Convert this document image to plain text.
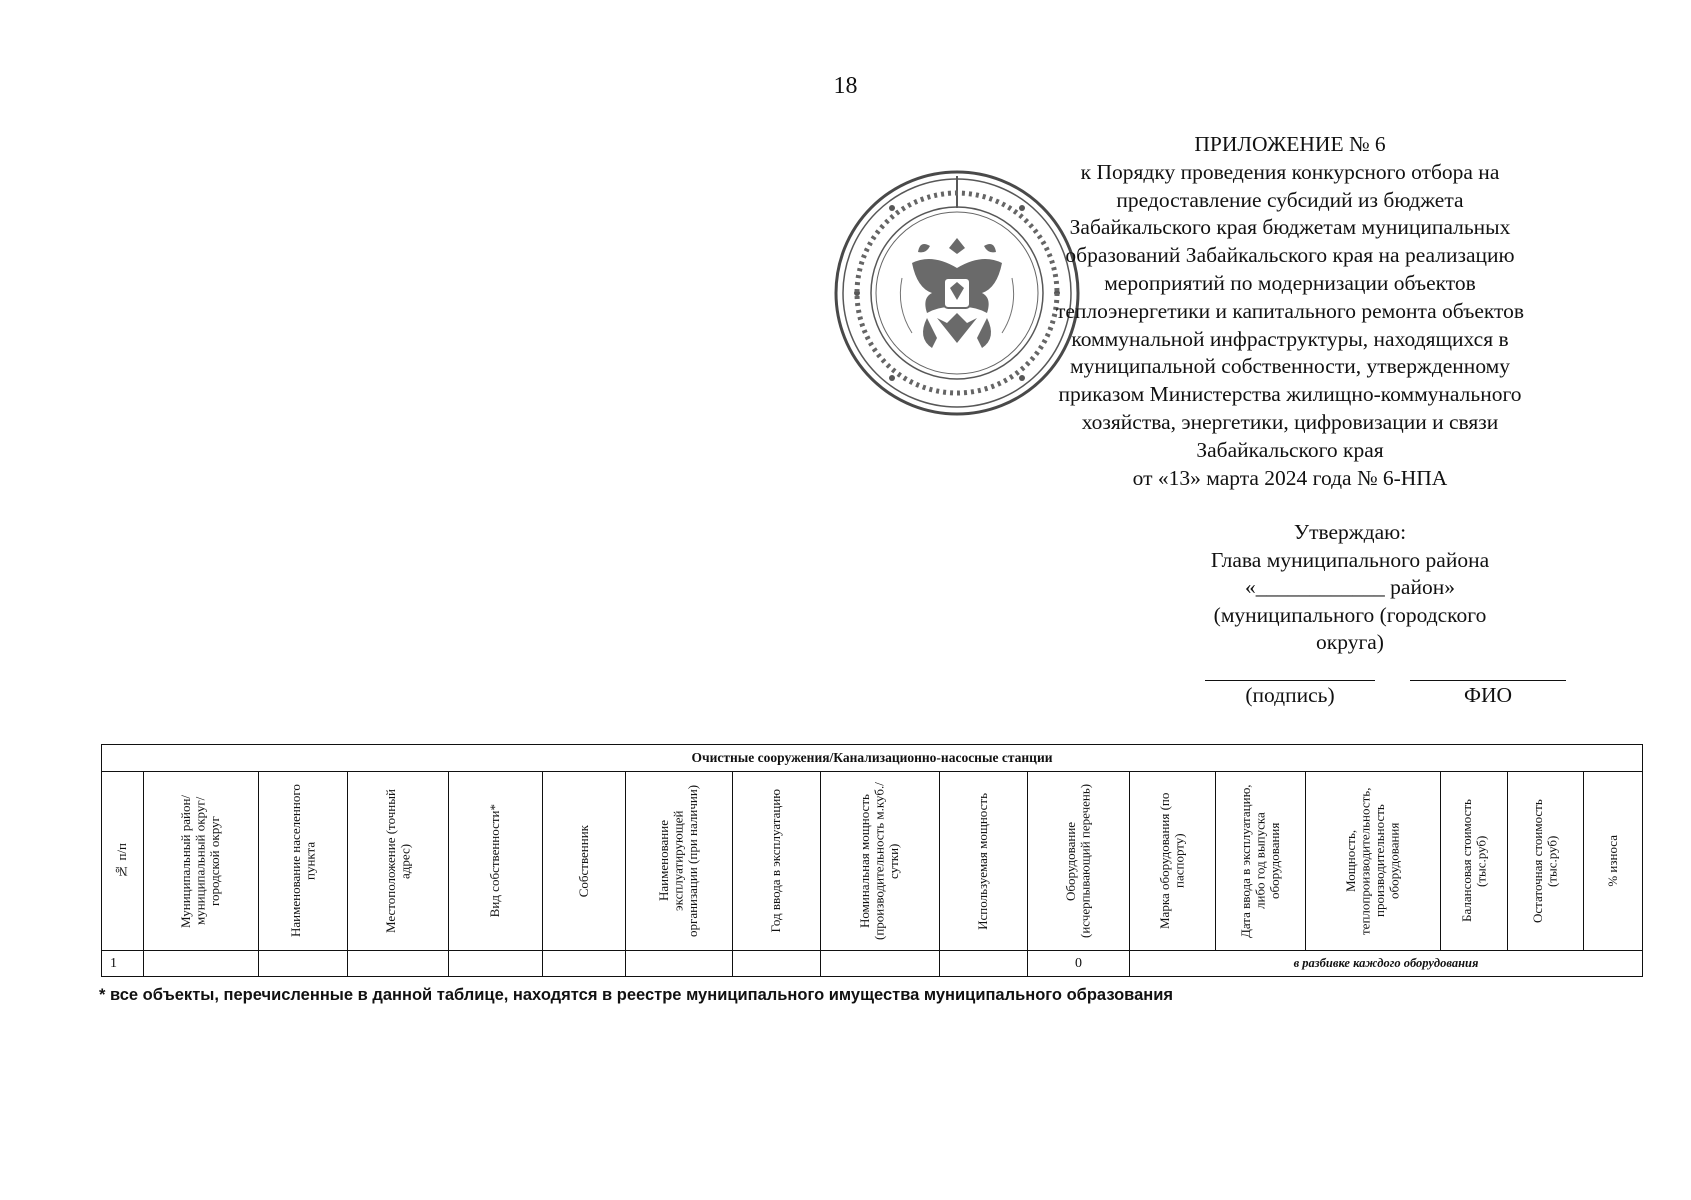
18
ПРИЛОЖЕНИЕ № 6
к Порядку проведения конкурсного отбора на
предоставление субсидий из бюджета
Забайкальского края бюджетам муниципальных
образований Забайкальского края на реализацию
мероприятий по модернизации объектов
теплоэнергетики и капитального ремонта объектов
коммунальной инфраструктуры, находящихся в
муниципальной собственности, утвержденному
приказом Министерства жилищно-коммунального
хозяйства, энергетики, цифровизации и связи
Забайкальского края
от «13» марта 2024 года № 6-НПА
Утверждаю:
Глава муниципального района
«____________ район»
(муниципального (городского
округа)
(подпись)	ФИО
Очистные сооружения/Канализационно-насосные станции																

№ п/п	Муниципальный район/муниципальный округ/городской округ	Наименование населенного пункта	Местоположение (точный адрес)	Вид собственности*	Собственник	Наименование эксплуатирующей организации (при наличии)	Год ввода в эксплуатацию	Номинальная мощность (производительность м.куб./сутки)	Используемая мощность	Оборудование (исчерпывающий перечень)	Марка оборудования (по паспорту)	Дата ввода в эксплуатацию, либо год выпуска оборудования	Мощность, теплопроизводительность, производительность оборудования	Балансовая стоимость (тыс.руб)	Остаточная стоимость (тыс.руб)	% износа

1										0	в разбивке каждого оборудования					
* все объекты, перечисленные в данной таблице, находятся в реестре муниципального имущества муниципального образования
